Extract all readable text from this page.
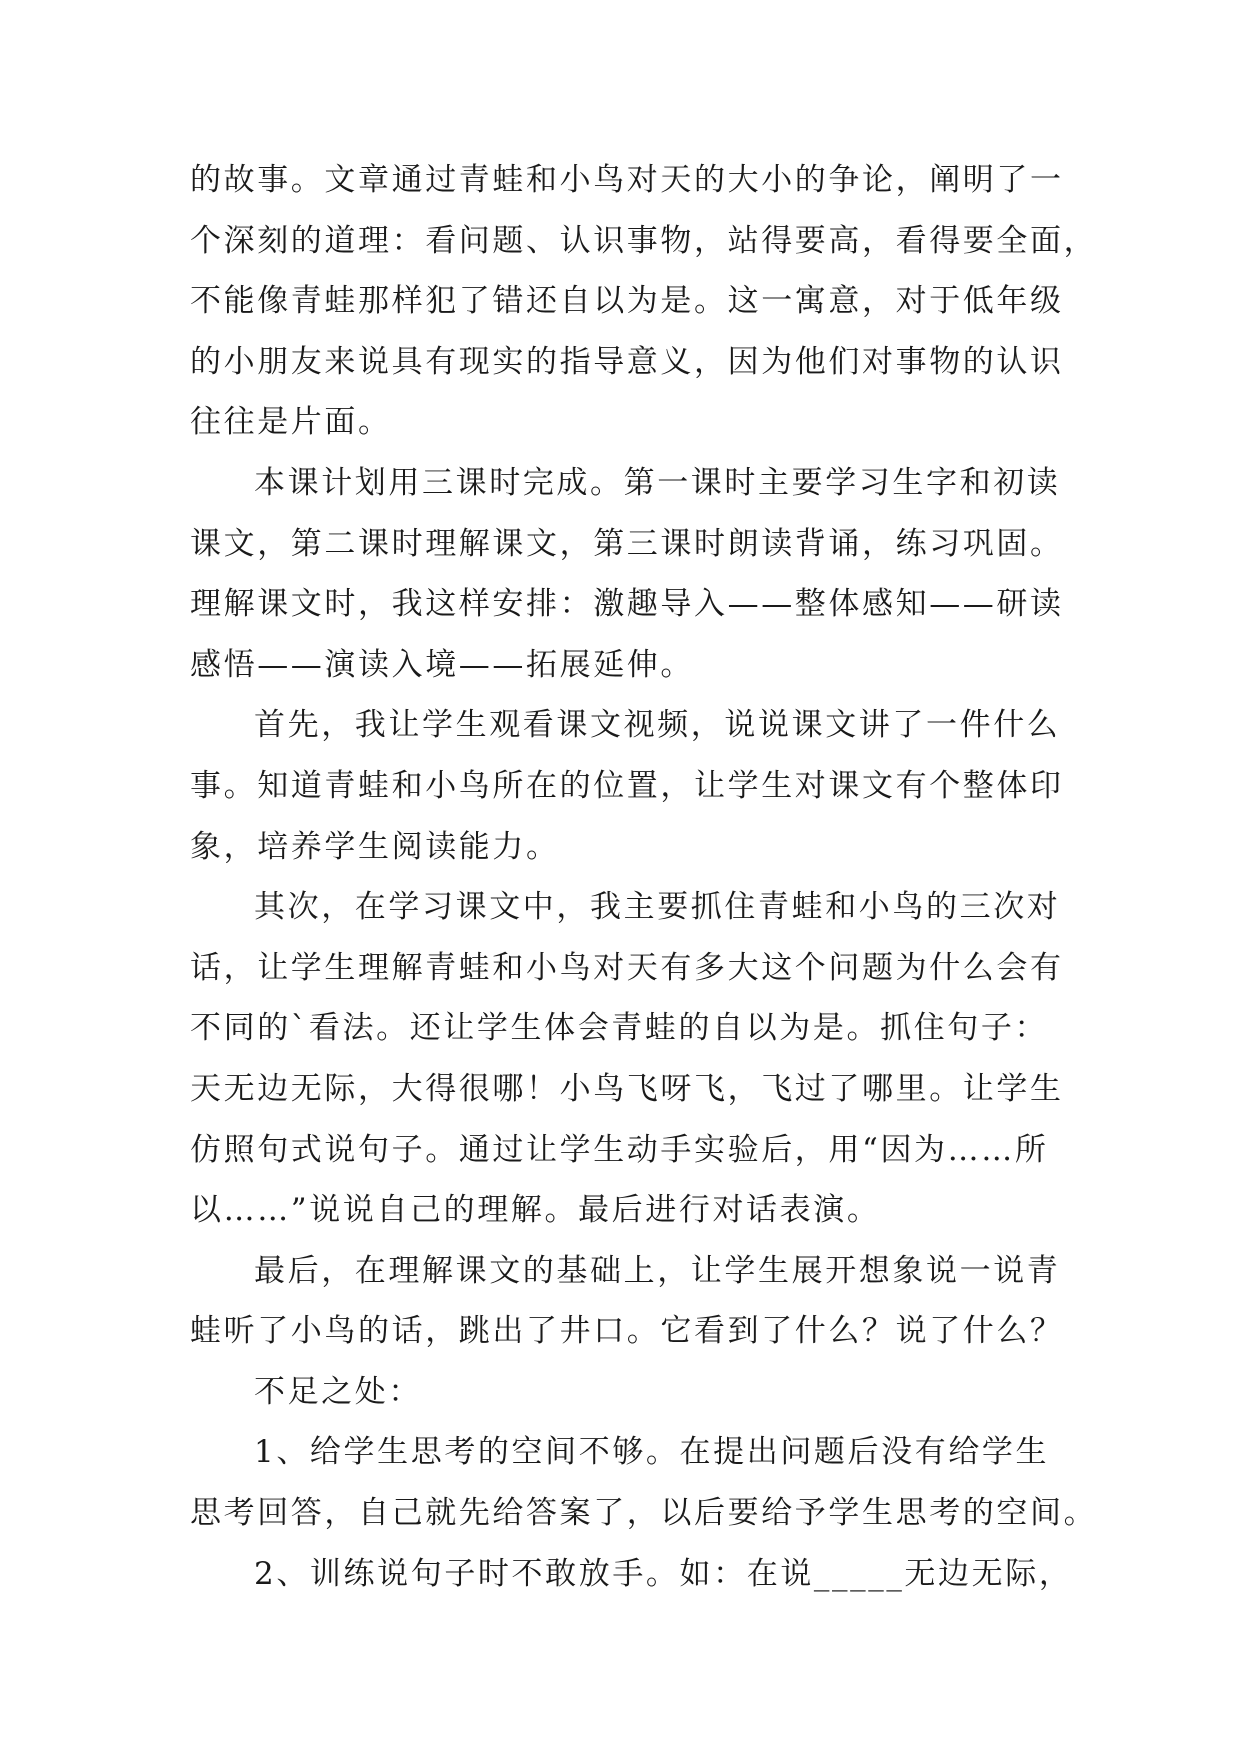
的故事。文章通过青蛙和小鸟对天的大小的争论，阐明了一
个深刻的道理：看问题、认识事物，站得要高，看得要全面，
不能像青蛙那样犯了错还自以为是。这一寓意，对于低年级
的小朋友来说具有现实的指导意义，因为他们对事物的认识
往往是片面。
本课计划用三课时完成。第一课时主要学习生字和初读
课文，第二课时理解课文，第三课时朗读背诵，练习巩固。
理解课文时，我这样安排：激趣导入——整体感知——研读
感悟——演读入境——拓展延伸。
首先，我让学生观看课文视频，说说课文讲了一件什么
事。知道青蛙和小鸟所在的位置，让学生对课文有个整体印
象，培养学生阅读能力。
其次，在学习课文中，我主要抓住青蛙和小鸟的三次对
话，让学生理解青蛙和小鸟对天有多大这个问题为什么会有
不同的`看法。还让学生体会青蛙的自以为是。抓住句子：
天无边无际，大得很哪！小鸟飞呀飞，飞过了哪里。让学生
仿照句式说句子。通过让学生动手实验后，用“因为……所
以……”说说自己的理解。最后进行对话表演。
最后，在理解课文的基础上，让学生展开想象说一说青
蛙听了小鸟的话，跳出了井口。它看到了什么？说了什么？
不足之处：
1、给学生思考的空间不够。在提出问题后没有给学生
思考回答，自己就先给答案了，以后要给予学生思考的空间。
2、训练说句子时不敢放手。如：在说_____无边无际，
